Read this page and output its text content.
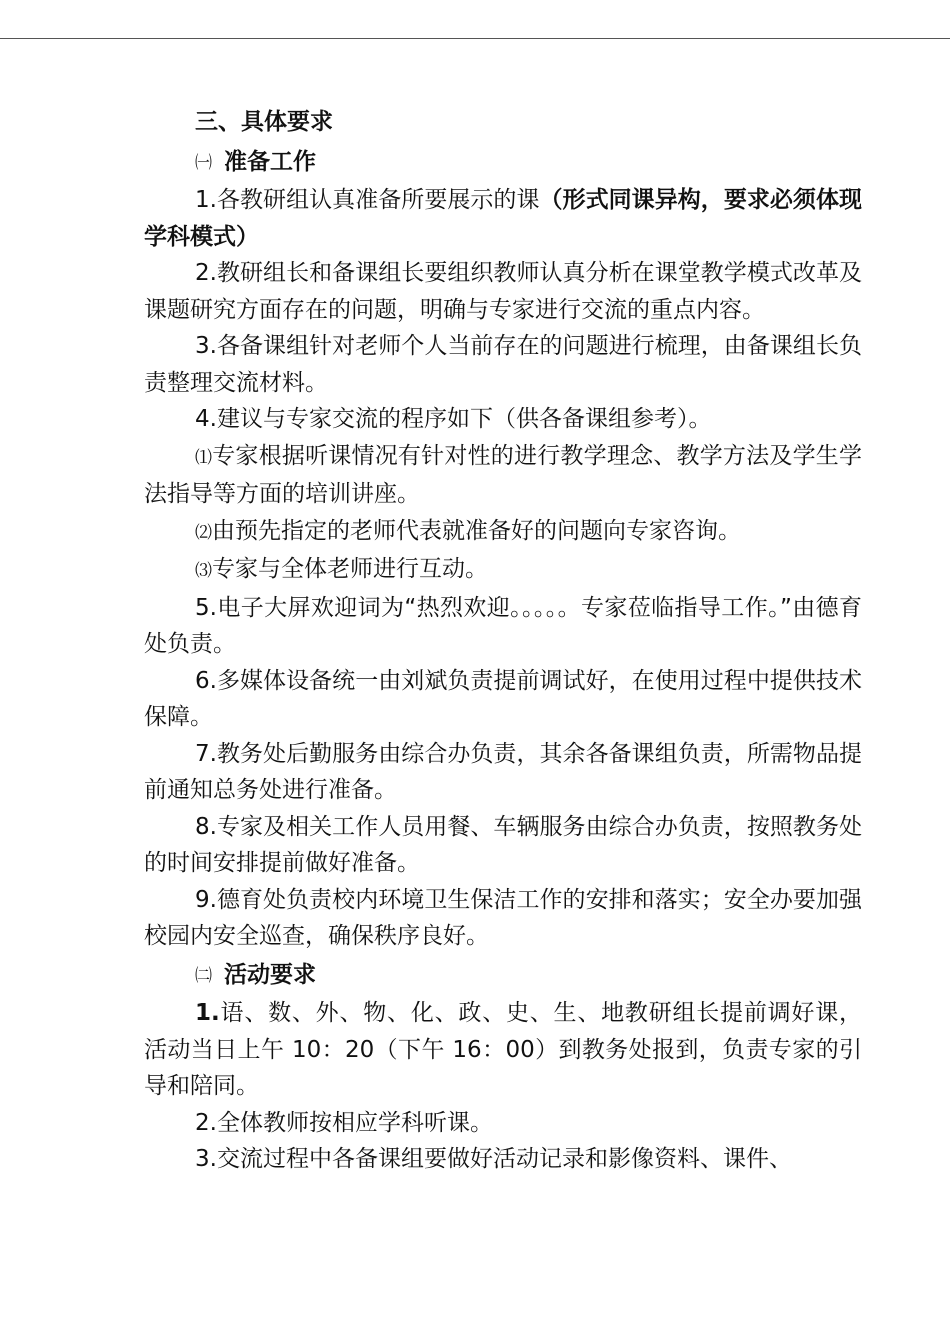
三、具体要求

㈠ 准备工作

1.各教研组认真准备所要展示的课（形式同课异构，要求必须体现学科模式）

2.教研组长和备课组长要组织教师认真分析在课堂教学模式改革及课题研究方面存在的问题，明确与专家进行交流的重点内容。

3.各备课组针对老师个人当前存在的问题进行梳理，由备课组长负责整理交流材料。

4.建议与专家交流的程序如下（供各备课组参考）。

⑴专家根据听课情况有针对性的进行教学理念、教学方法及学生学法指导等方面的培训讲座。

⑵由预先指定的老师代表就准备好的问题向专家咨询。

⑶专家与全体老师进行互动。

5.电子大屏欢迎词为“热烈欢迎。。。。。专家莅临指导工作。”由德育处负责。

6.多媒体设备统一由刘斌负责提前调试好，在使用过程中提供技术保障。

7.教务处后勤服务由综合办负责，其余各备课组负责，所需物品提前通知总务处进行准备。

8.专家及相关工作人员用餐、车辆服务由综合办负责，按照教务处的时间安排提前做好准备。

9.德育处负责校内环境卫生保洁工作的安排和落实；安全办要加强校园内安全巡查，确保秩序良好。

㈡ 活动要求

1.语、数、外、物、化、政、史、生、地教研组长提前调好课，活动当日上午 10：20（下午 16：00）到教务处报到，负责专家的引导和陪同。

2.全体教师按相应学科听课。

3.交流过程中各备课组要做好活动记录和影像资料、课件、
